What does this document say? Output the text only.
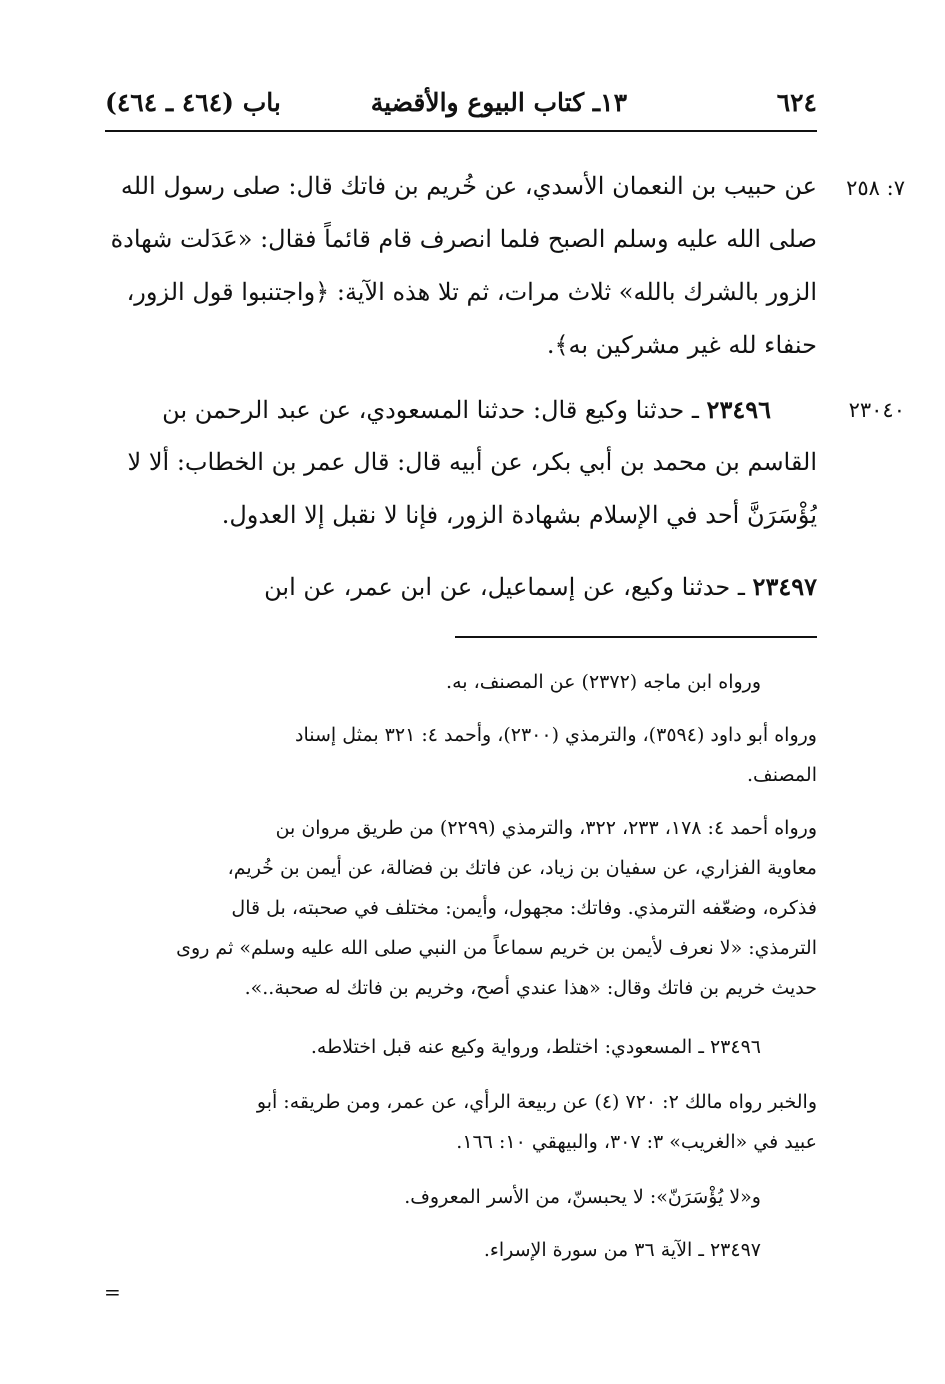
٦٢٤
١٣ـ كتاب البيوع والأقضية
باب (٤٦٤ ـ ٤٦٤)
٧: ٢٥٨
عن حبيب بن النعمان الأسدي، عن خُريم بن فاتك قال: صلى رسول الله
صلى الله عليه وسلم الصبح فلما انصرف قام قائماً فقال: «عَدَلت شهادة
الزور بالشرك بالله» ثلاث مرات، ثم تلا هذه الآية: ﴿واجتنبوا قول الزور،
حنفاء لله غير مشركين به﴾.
٢٣٠٤٠
٢٣٤٩٦ ـ حدثنا وكيع قال: حدثنا المسعودي، عن عبد الرحمن بن
القاسم بن محمد بن أبي بكر، عن أبيه قال: قال عمر بن الخطاب: ألا لا
يُؤْسَرَنَّ أحد في الإسلام بشهادة الزور، فإنا لا نقبل إلا العدول.
٢٣٤٩٧ ـ حدثنا وكيع، عن إسماعيل، عن ابن عمر، عن ابن
ورواه ابن ماجه (٢٣٧٢) عن المصنف، به.
ورواه أبو داود (٣٥٩٤)، والترمذي (٢٣٠٠)، وأحمد ٤: ٣٢١ بمثل إسناد
المصنف.
ورواه أحمد ٤: ١٧٨، ٢٣٣، ٣٢٢، والترمذي (٢٢٩٩) من طريق مروان بن
معاوية الفزاري، عن سفيان بن زياد، عن فاتك بن فضالة، عن أيمن بن خُريم،
فذكره، وضعّفه الترمذي. وفاتك: مجهول، وأيمن: مختلف في صحبته، بل قال
الترمذي: «لا نعرف لأيمن بن خريم سماعاً من النبي صلى الله عليه وسلم» ثم روى
حديث خريم بن فاتك وقال: «هذا عندي أصح، وخريم بن فاتك له صحبة..».
٢٣٤٩٦ ـ المسعودي: اختلط، ورواية وكيع عنه قبل اختلاطه.
والخبر رواه مالك ٢: ٧٢٠ (٤) عن ربيعة الرأي، عن عمر، ومن طريقه: أبو
عبيد في «الغريب» ٣: ٣٠٧، والبيهقي ١٠: ١٦٦.
و«لا يُؤْسَرَنّ»: لا يحبسنّ، من الأسر المعروف.
٢٣٤٩٧ ـ الآية ٣٦ من سورة الإسراء.
=
